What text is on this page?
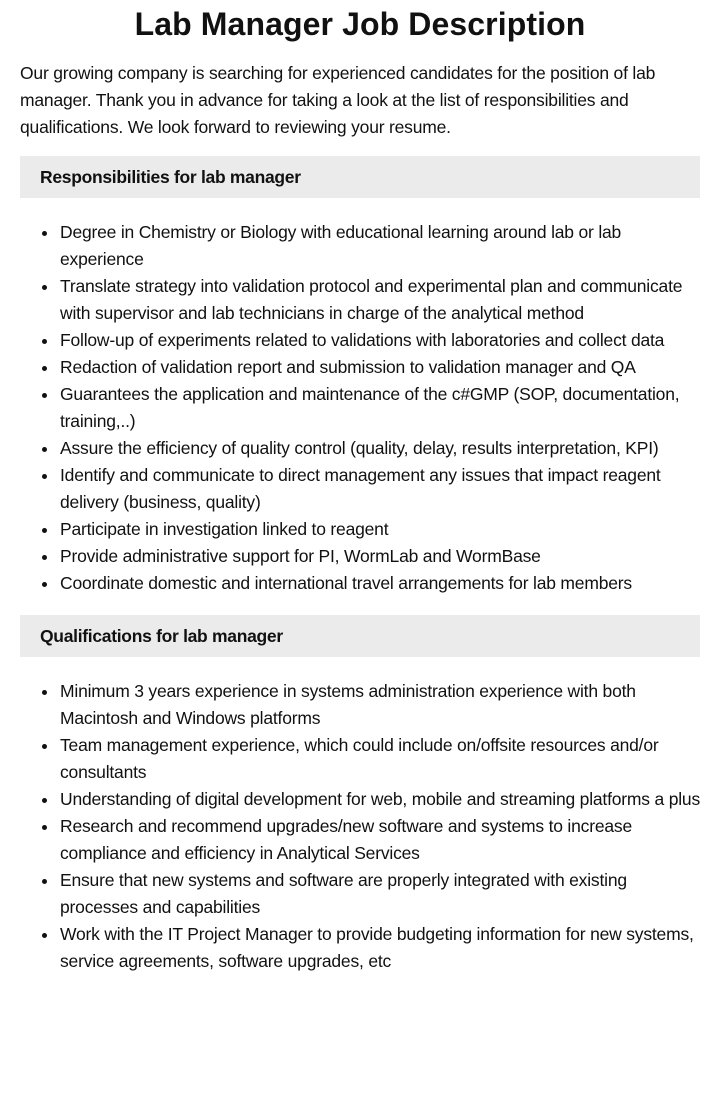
Lab Manager Job Description

Our growing company is searching for experienced candidates for the position of lab manager. Thank you in advance for taking a look at the list of responsibilities and qualifications. We look forward to reviewing your resume.

Responsibilities for lab manager
Degree in Chemistry or Biology with educational learning around lab or lab experience
Translate strategy into validation protocol and experimental plan and communicate with supervisor and lab technicians in charge of the analytical method
Follow-up of experiments related to validations with laboratories and collect data
Redaction of validation report and submission to validation manager and QA
Guarantees the application and maintenance of the c#GMP (SOP, documentation, training,..)
Assure the efficiency of quality control (quality, delay, results interpretation, KPI)
Identify and communicate to direct management any issues that impact reagent delivery (business, quality)
Participate in investigation linked to reagent
Provide administrative support for PI, WormLab and WormBase
Coordinate domestic and international travel arrangements for lab members
Qualifications for lab manager
Minimum 3 years experience in systems administration experience with both Macintosh and Windows platforms
Team management experience, which could include on/offsite resources and/or consultants
Understanding of digital development for web, mobile and streaming platforms a plus
Research and recommend upgrades/new software and systems to increase compliance and efficiency in Analytical Services
Ensure that new systems and software are properly integrated with existing processes and capabilities
Work with the IT Project Manager to provide budgeting information for new systems, service agreements, software upgrades, etc
